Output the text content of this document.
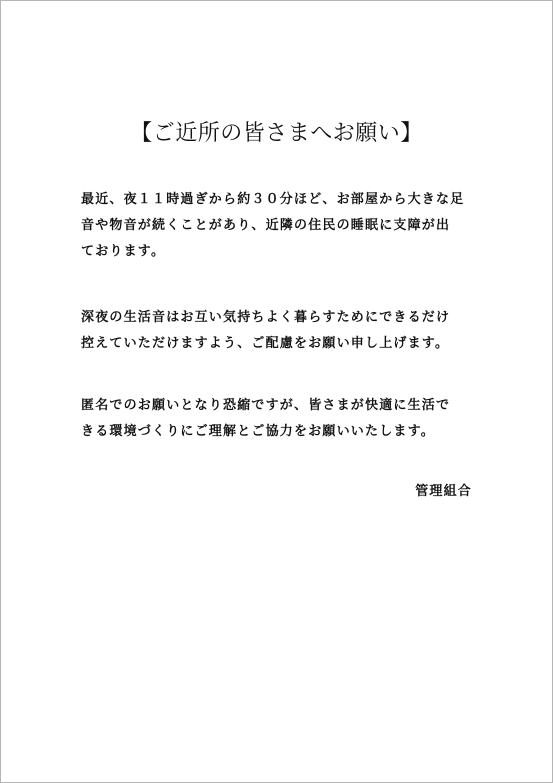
【ご近所の皆さまへお願い】

最近、夜１１時過ぎから約３０分ほど、お部屋から大きな足
音や物音が続くことがあり、近隣の住民の睡眠に支障が出
ております。

深夜の生活音はお互い気持ちよく暮らすためにできるだけ
控えていただけますよう、ご配慮をお願い申し上げます。

匿名でのお願いとなり恐縮ですが、皆さまが快適に生活で
きる環境づくりにご理解とご協力をお願いいたします。

管理組合
